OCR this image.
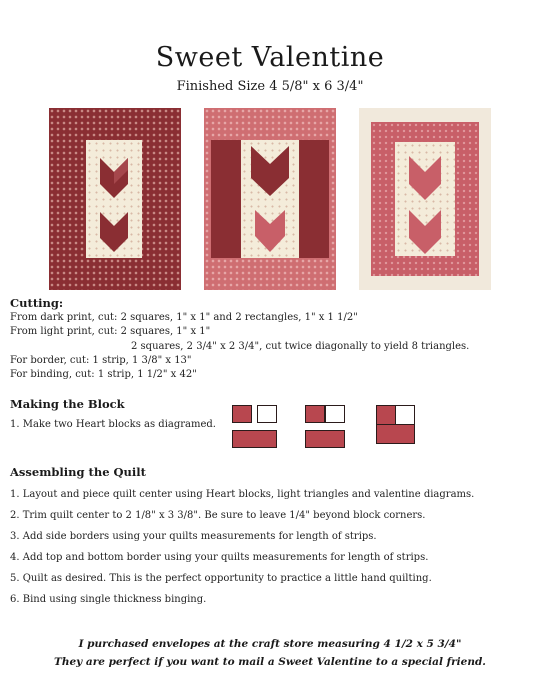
Sweet Valentine
Finished Size 4 5/8" x 6 3/4"
Cutting:
From dark print, cut: 2 squares, 1" x 1" and 2 rectangles, 1" x 1 1/2"
From light print, cut: 2 squares, 1" x 1"
2 squares, 2 3/4" x 2 3/4", cut twice diagonally to yield 8 triangles.
For border, cut: 1 strip, 1 3/8" x 13"
For binding, cut: 1 strip, 1 1/2" x 42"
Making the Block
1. Make two Heart blocks as diagramed.
Assembling the Quilt
1. Layout and piece quilt center using Heart blocks, light triangles and valentine diagrams.
2. Trim quilt center to 2 1/8" x 3 3/8". Be sure to leave 1/4" beyond block corners.
3. Add side borders using your quilts measurements for length of strips.
4. Add top and bottom border using your quilts measurements for length of strips.
5. Quilt as desired. This is the perfect opportunity to practice a little hand quilting.
6. Bind using single thickness binging.
I purchased envelopes at the craft store measuring 4 1/2 x 5 3/4"
They are perfect if you want to mail a Sweet Valentine to a special friend.
